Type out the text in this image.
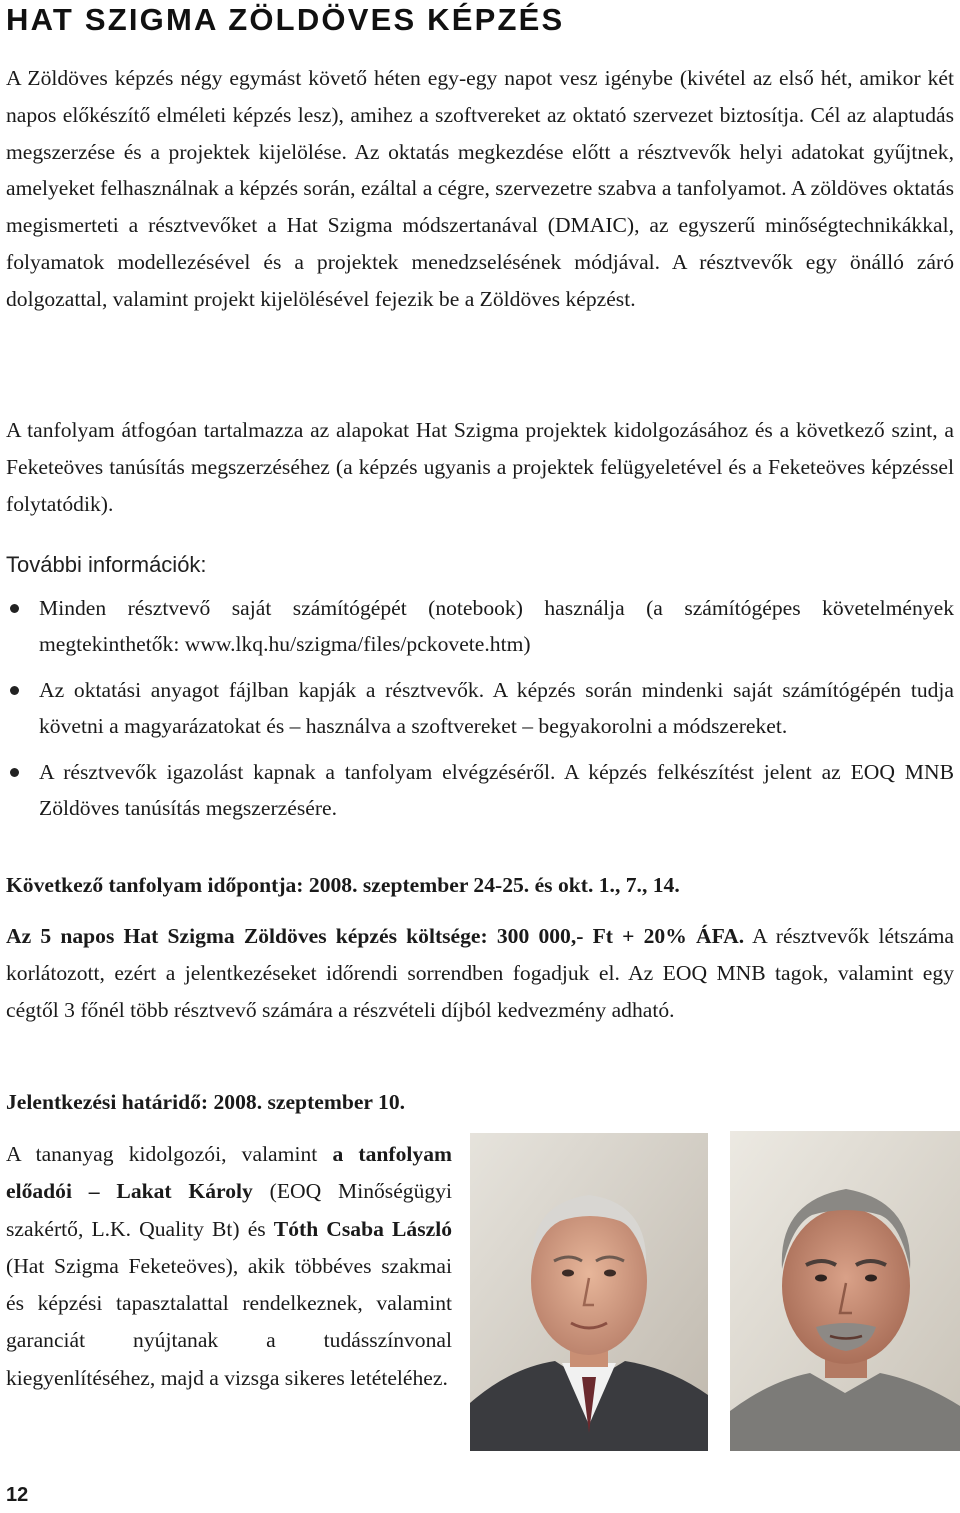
HAT SZIGMA ZÖLDÖVES KÉPZÉS

A Zöldöves képzés négy egymást követő héten egy-egy napot vesz igénybe (kivétel az első hét, amikor két napos előkészítő elméleti képzés lesz), amihez a szoftvereket az oktató szervezet biztosítja. Cél az alaptudás megszerzése és a projektek kijelölése. Az oktatás megkezdése előtt a résztvevők helyi adatokat gyűjtnek, amelyeket felhasználnak a képzés során, ezáltal a cégre, szervezetre szabva a tanfolyamot. A zöldöves oktatás megismerteti a résztvevőket a Hat Szigma módszertanával (DMAIC), az egyszerű minőségtechnikákkal, folyamatok modellezésével és a projektek menedzselésének módjával. A résztvevők egy önálló záró dolgozattal, valamint projekt kijelölésével fejezik be a Zöldöves képzést.

A tanfolyam átfogóan tartalmazza az alapokat Hat Szigma projektek kidolgozásához és a következő szint, a Feketeöves tanúsítás megszerzéséhez (a képzés ugyanis a projektek felügyeletével és a Feketeöves képzéssel folytatódik).

További információk:

Minden résztvevő saját számítógépét (notebook) használja (a számítógépes követelmények megtekinthetők: www.lkq.hu/szigma/files/pckovete.htm)
Az oktatási anyagot fájlban kapják a résztvevők. A képzés során mindenki saját számítógépén tudja követni a magyarázatokat és – használva a szoftvereket – begyakorolni a módszereket.
A résztvevők igazolást kapnak a tanfolyam elvégzéséről. A képzés felkészítést jelent az EOQ MNB Zöldöves tanúsítás megszerzésére.

Következő tanfolyam időpontja: 2008. szeptember 24-25. és okt. 1., 7., 14.

Az 5 napos Hat Szigma Zöldöves képzés költsége: 300 000,- Ft + 20% ÁFA. A résztvevők létszáma korlátozott, ezért a jelentkezéseket időrendi sorrendben fogadjuk el. Az EOQ MNB tagok, valamint egy cégtől 3 főnél több résztvevő számára a részvételi díjból kedvezmény adható.

Jelentkezési határidő: 2008. szeptember 10.

A tananyag kidolgozói, valamint a tanfolyam előadói – Lakat Károly (EOQ Minőségügyi szakértő, L.K. Quality Bt) és Tóth Csaba László (Hat Szigma Feketeöves), akik többéves szakmai és képzési tapasztalattal rendelkeznek, valamint garanciát nyújtanak a tudásszínvonal kiegyenlítéséhez, majd a vizsga sikeres letételéhez.

12
